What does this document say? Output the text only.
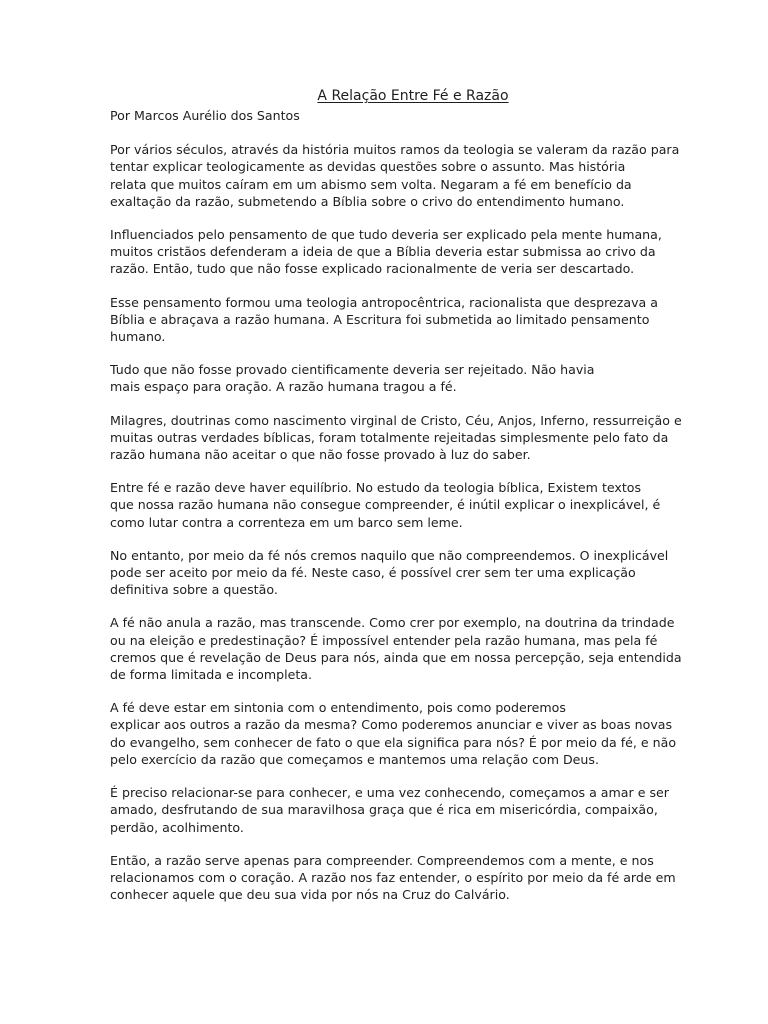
A Relação Entre Fé e Razão

Por Marcos Aurélio dos Santos

Por vários séculos, através da história muitos ramos da teologia se valeram da razão para
tentar explicar teologicamente as devidas questões sobre o assunto. Mas história
relata que muitos caíram em um abismo sem volta. Negaram a fé em benefício da
exaltação da razão, submetendo a Bíblia sobre o crivo do entendimento humano.

Influenciados pelo pensamento de que tudo deveria ser explicado pela mente humana,
muitos cristãos defenderam a ideia de que a Bíblia deveria estar submissa ao crivo da
razão. Então, tudo que não fosse explicado racionalmente de veria ser descartado.

Esse pensamento formou uma teologia antropocêntrica, racionalista que desprezava a
Bíblia e abraçava a razão humana. A Escritura foi submetida ao limitado pensamento
humano.

Tudo que não fosse provado cientificamente deveria ser rejeitado. Não havia
mais espaço para oração. A razão humana tragou a fé.

Milagres, doutrinas como nascimento virginal de Cristo, Céu, Anjos, Inferno, ressurreição e
muitas outras verdades bíblicas, foram totalmente rejeitadas simplesmente pelo fato da
razão humana não aceitar o que não fosse provado à luz do saber.

Entre fé e razão deve haver equilíbrio. No estudo da teologia bíblica, Existem textos
que nossa razão humana não consegue compreender, é inútil explicar o inexplicável, é
como lutar contra a correnteza em um barco sem leme.

No entanto, por meio da fé nós cremos naquilo que não compreendemos. O inexplicável
pode ser aceito por meio da fé. Neste caso, é possível crer sem ter uma explicação
definitiva sobre a questão.

A fé não anula a razão, mas transcende. Como crer por exemplo, na doutrina da trindade
ou na eleição e predestinação? É impossível entender pela razão humana, mas pela fé
cremos que é revelação de Deus para nós, ainda que em nossa percepção, seja entendida
de forma limitada e incompleta.

A fé deve estar em sintonia com o entendimento, pois como poderemos
explicar aos outros a razão da mesma? Como poderemos anunciar e viver as boas novas
do evangelho, sem conhecer de fato o que ela significa para nós? É por meio da fé, e não
pelo exercício da razão que começamos e mantemos uma relação com Deus.

É preciso relacionar-se para conhecer, e uma vez conhecendo, começamos a amar e ser
amado, desfrutando de sua maravilhosa graça que é rica em misericórdia, compaixão,
perdão, acolhimento.

Então, a razão serve apenas para compreender. Compreendemos com a mente, e nos
relacionamos com o coração. A razão nos faz entender, o espírito por meio da fé arde em
conhecer aquele que deu sua vida por nós na Cruz do Calvário.
